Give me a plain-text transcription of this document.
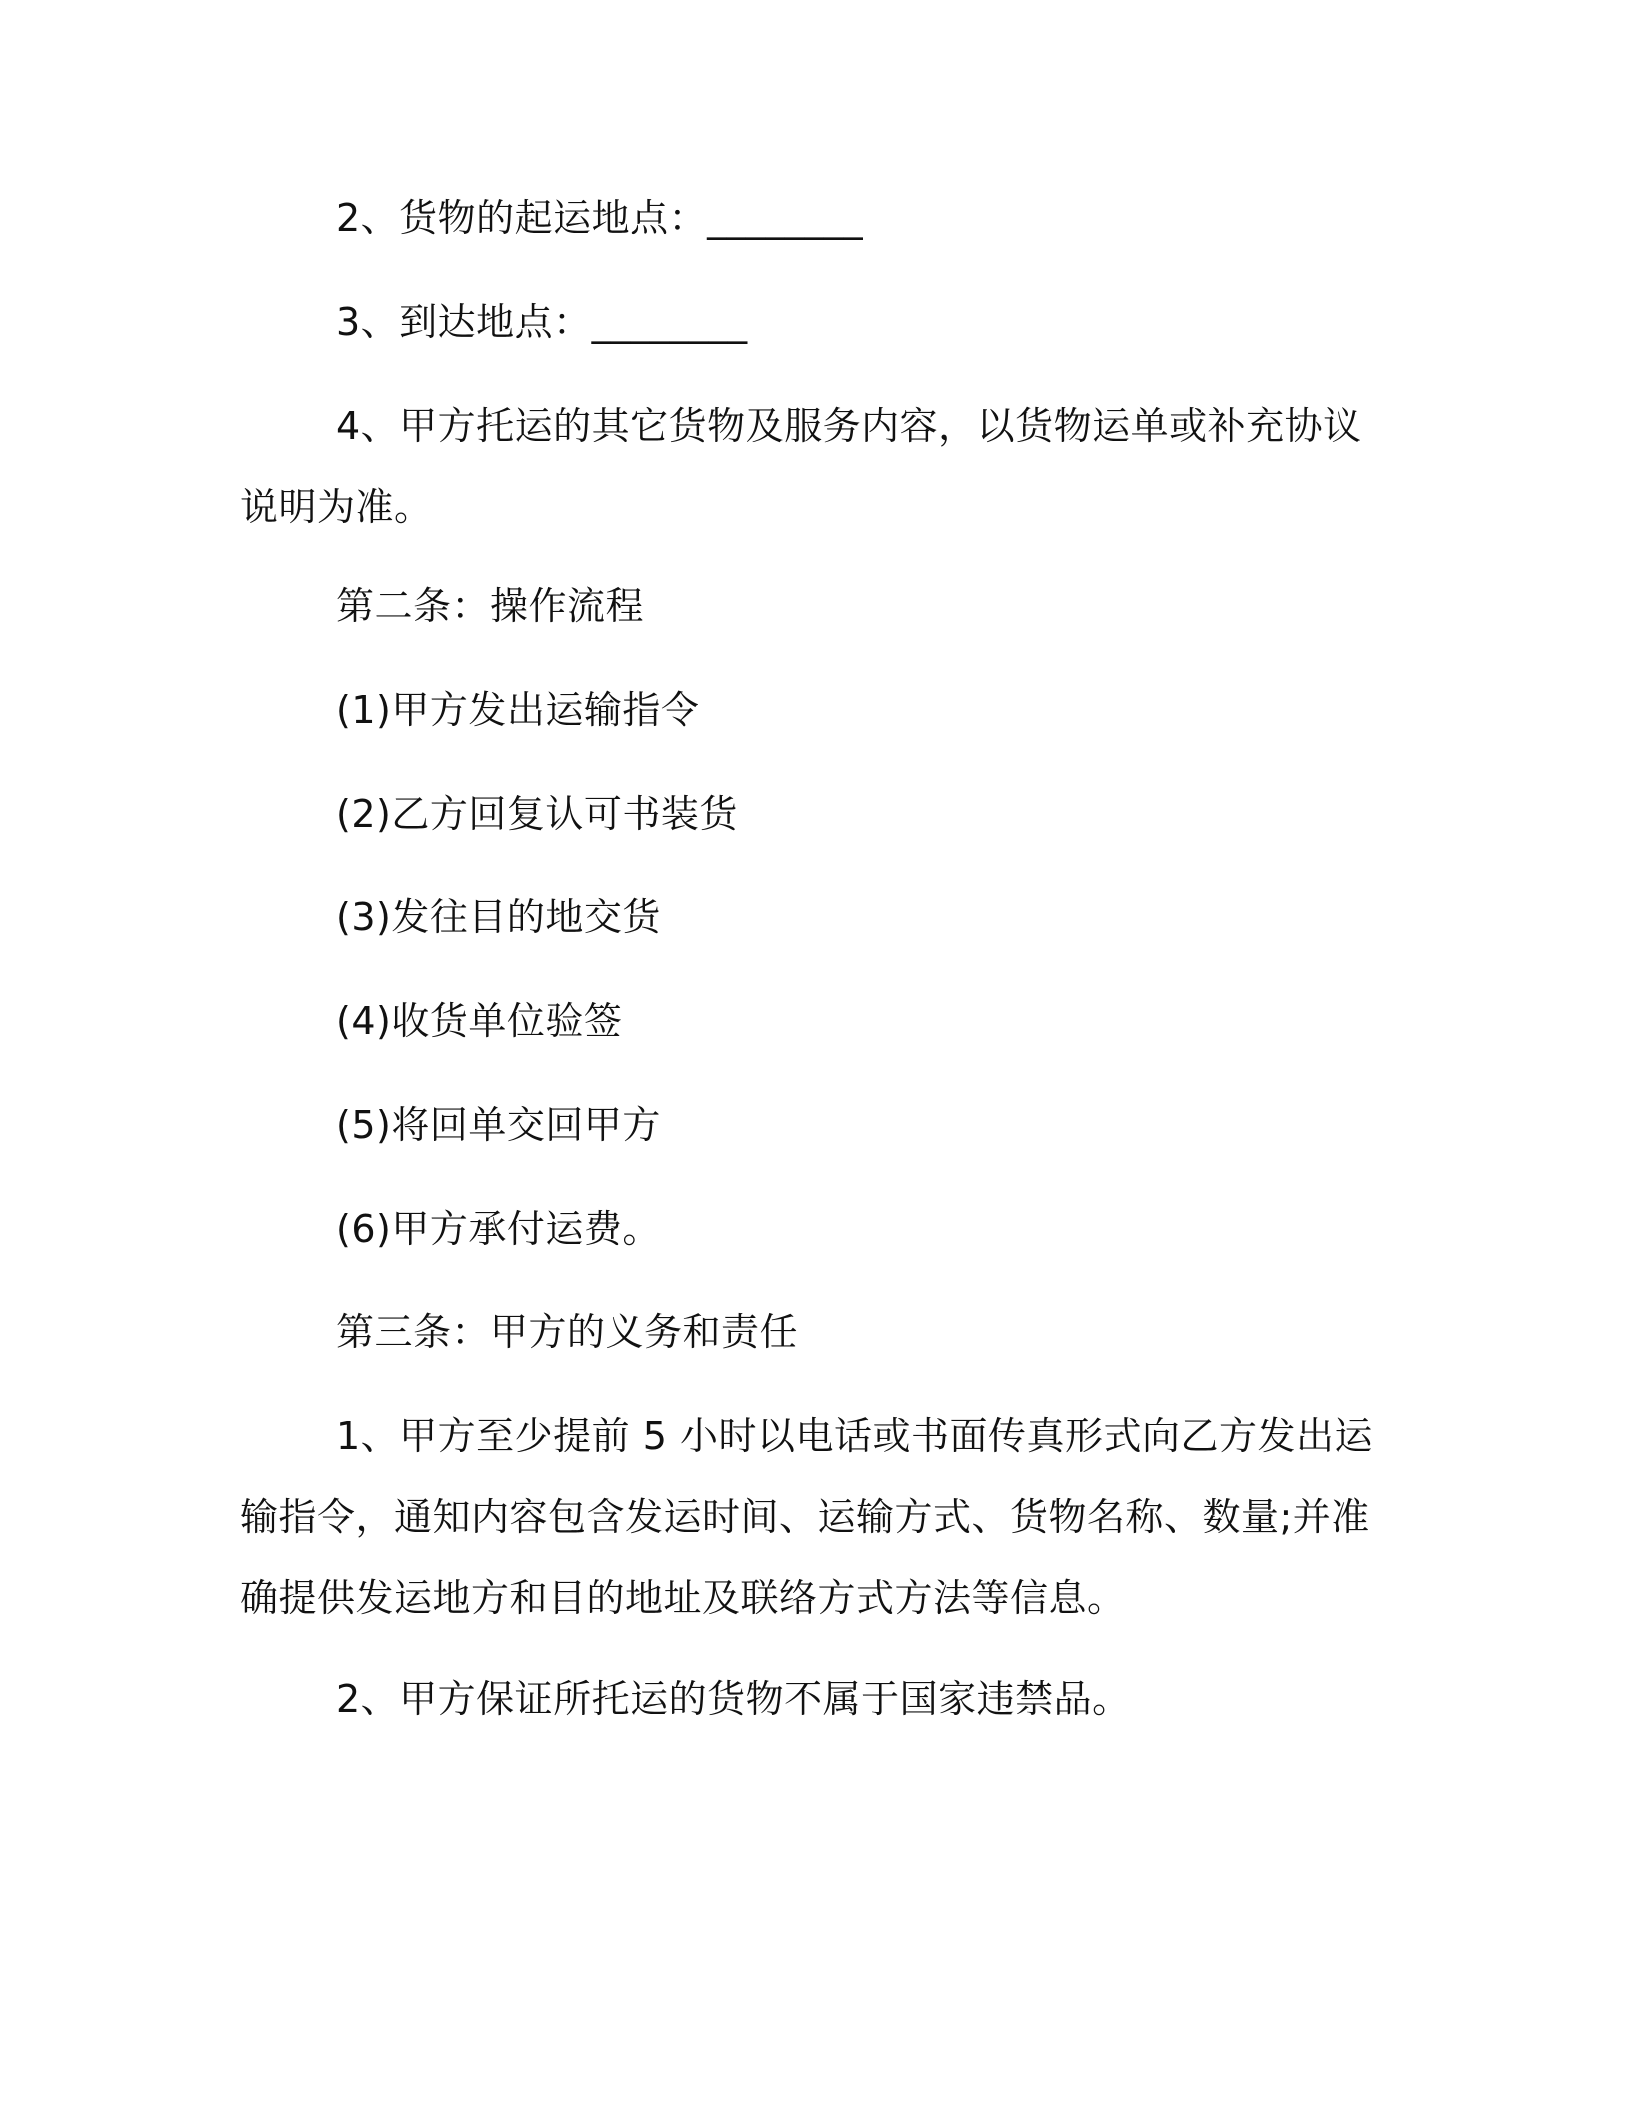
2、货物的起运地点：________

3、到达地点：________

4、甲方托运的其它货物及服务内容，以货物运单或补充协议说明为准。

第二条：操作流程

(1)甲方发出运输指令

(2)乙方回复认可书装货

(3)发往目的地交货

(4)收货单位验签

(5)将回单交回甲方

(6)甲方承付运费。

第三条：甲方的义务和责任

1、甲方至少提前 5 小时以电话或书面传真形式向乙方发出运输指令，通知内容包含发运时间、运输方式、货物名称、数量;并准确提供发运地方和目的地址及联络方式方法等信息。

2、甲方保证所托运的货物不属于国家违禁品。
